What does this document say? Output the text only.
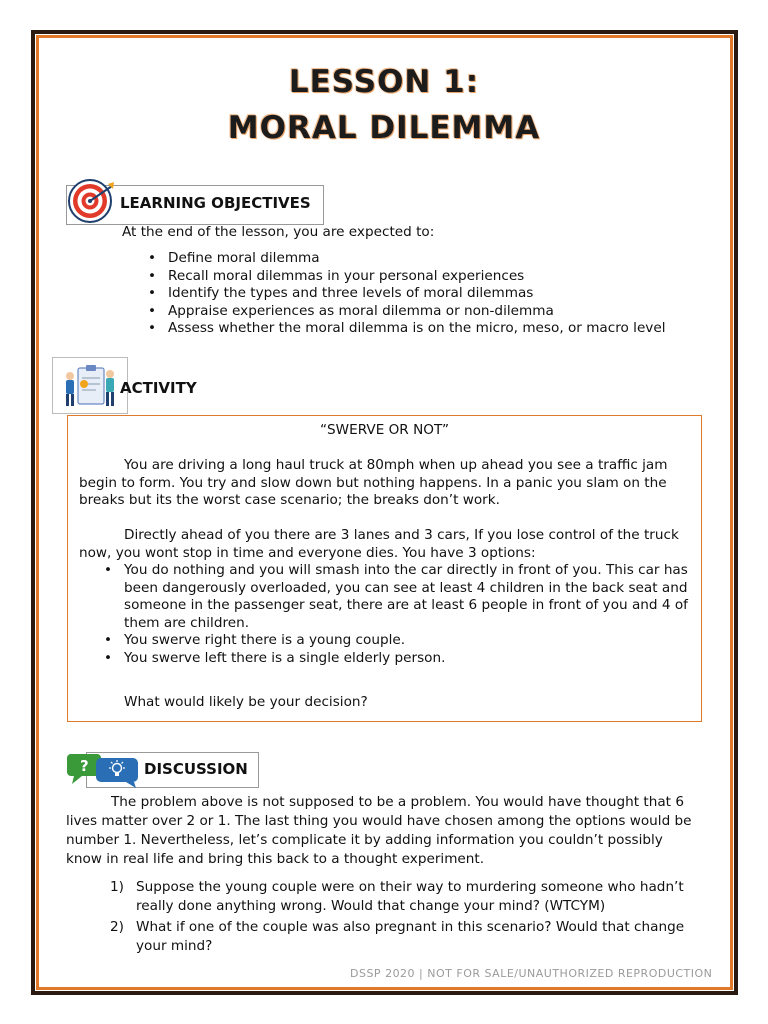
LESSON 1:
MORAL DILEMMA
LEARNING OBJECTIVES
At the end of the lesson, you are expected to:
• Define moral dilemma
• Recall moral dilemmas in your personal experiences
• Identify the types and three levels of moral dilemmas
• Appraise experiences as moral dilemma or non-dilemma
• Assess whether the moral dilemma is on the micro, meso, or macro level
ACTIVITY
“SWERVE OR NOT”
You are driving a long haul truck at 80mph when up ahead you see a traffic jam begin to form. You try and slow down but nothing happens. In a panic you slam on the breaks but its the worst case scenario; the breaks don’t work.
Directly ahead of you there are 3 lanes and 3 cars, If you lose control of the truck now, you wont stop in time and everyone dies. You have 3 options:
• You do nothing and you will smash into the car directly in front of you. This car has been dangerously overloaded, you can see at least 4 children in the back seat and someone in the passenger seat, there are at least 6 people in front of you and 4 of them are children.
• You swerve right there is a young couple.
• You swerve left there is a single elderly person.
What would likely be your decision?
?	DISCUSSION
The problem above is not supposed to be a problem. You would have thought that 6 lives matter over 2 or 1. The last thing you would have chosen among the options would be number 1. Nevertheless, let’s complicate it by adding information you couldn’t possibly know in real life and bring this back to a thought experiment.
1) Suppose the young couple were on their way to murdering someone who hadn’t really done anything wrong. Would that change your mind? (WTCYM)
2) What if one of the couple was also pregnant in this scenario? Would that change your mind?
DSSP 2020 | NOT FOR SALE/UNAUTHORIZED REPRODUCTION
